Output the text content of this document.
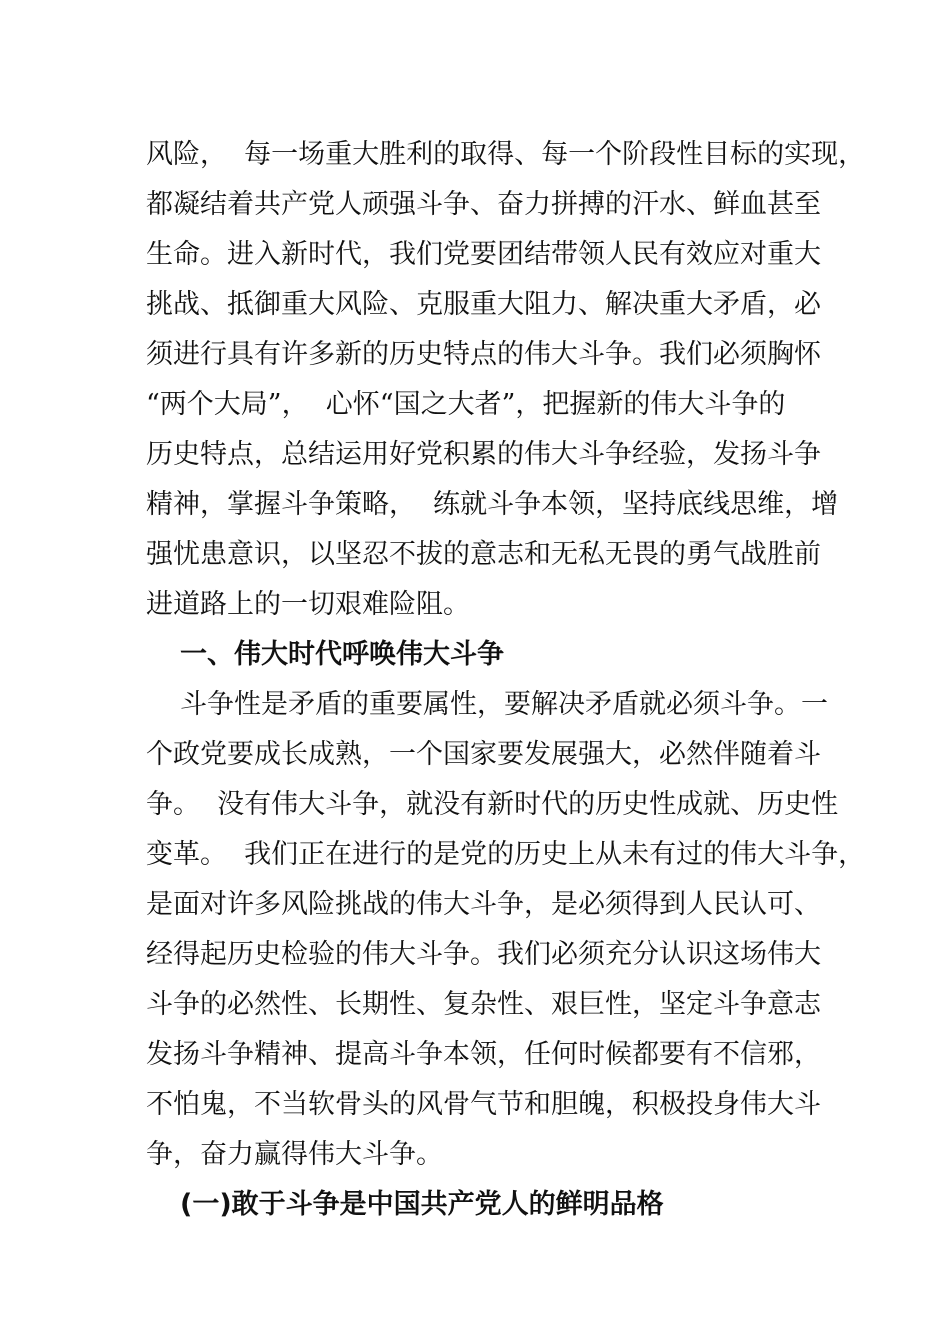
风险，  每一场重大胜利的取得、每一个阶段性目标的实现，

都凝结着共产党人顽强斗争、奋力拼搏的汗水、鲜血甚至

生命。进入新时代，我们党要团结带领人民有效应对重大

挑战、抵御重大风险、克服重大阻力、解决重大矛盾，必

须进行具有许多新的历史特点的伟大斗争。我们必须胸怀

“两个大局”，  心怀“国之大者”，把握新的伟大斗争的

历史特点，总结运用好党积累的伟大斗争经验，发扬斗争

精神，掌握斗争策略，  练就斗争本领，坚持底线思维，增

强忧患意识，以坚忍不拔的意志和无私无畏的勇气战胜前

进道路上的一切艰难险阻。

一、伟大时代呼唤伟大斗争

斗争性是矛盾的重要属性，要解决矛盾就必须斗争。一

个政党要成长成熟，一个国家要发展强大，必然伴随着斗

争。  没有伟大斗争，就没有新时代的历史性成就、历史性

变革。  我们正在进行的是党的历史上从未有过的伟大斗争，

是面对许多风险挑战的伟大斗争，是必须得到人民认可、

经得起历史检验的伟大斗争。我们必须充分认识这场伟大

斗争的必然性、长期性、复杂性、艰巨性，坚定斗争意志

发扬斗争精神、提高斗争本领，任何时候都要有不信邪，

不怕鬼，不当软骨头的风骨气节和胆魄，积极投身伟大斗

争，奋力赢得伟大斗争。

(一)敢于斗争是中国共产党人的鲜明品格
